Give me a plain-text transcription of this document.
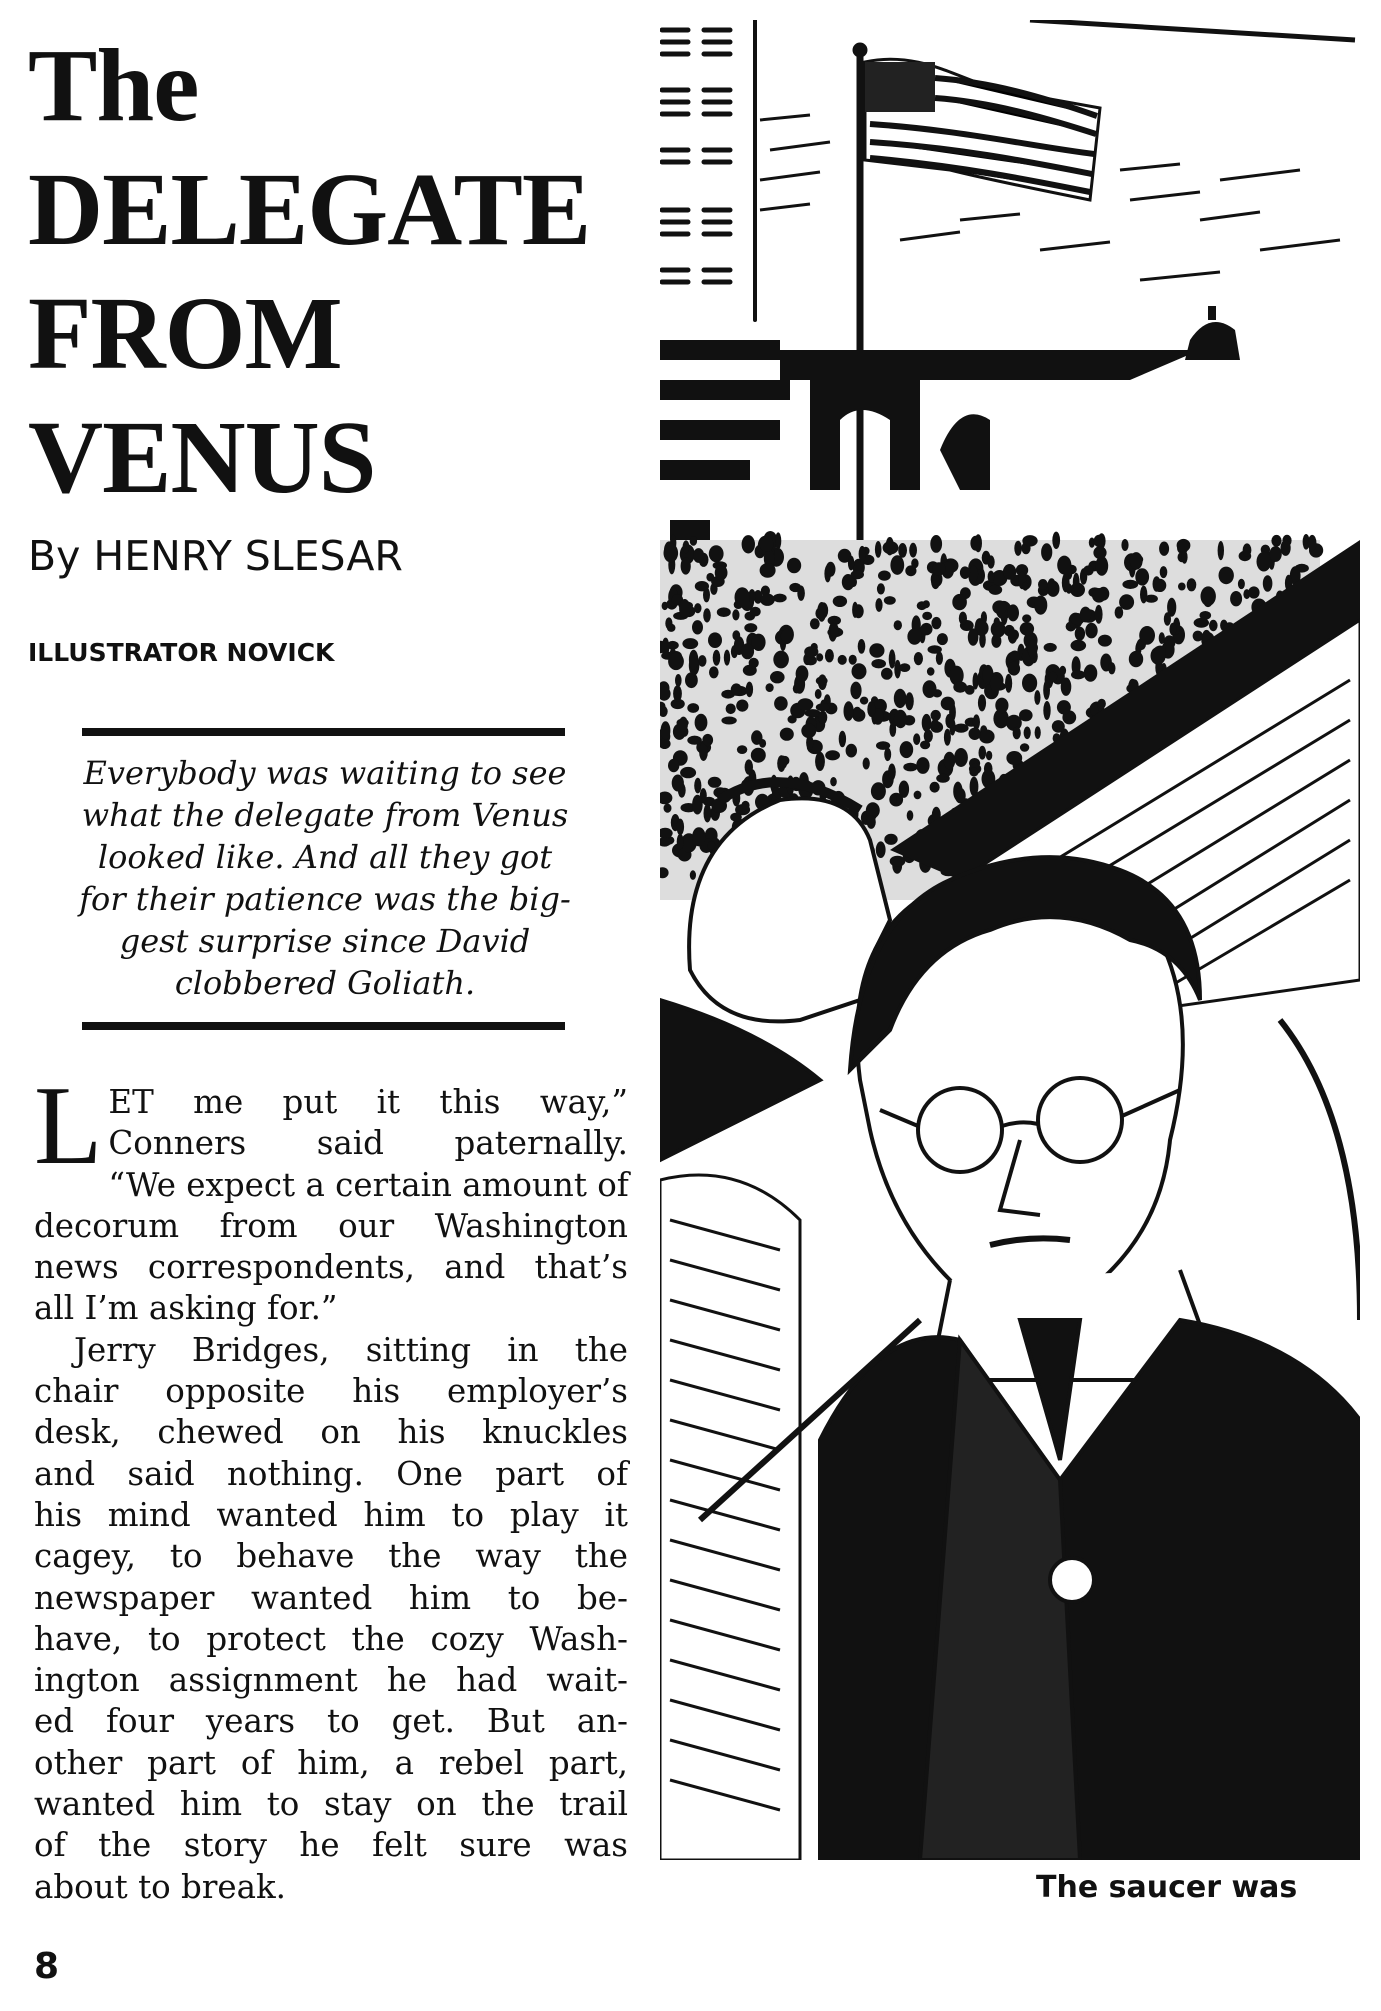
The
DELEGATE
FROM
VENUS
By HENRY SLESAR
ILLUSTRATOR NOVICK
Everybody was waiting to see
what the delegate from Venus
looked like. And all they got
for their patience was the big-
gest surprise since David
clobbered Goliath.
L ET me put it this way,”
Conners said paternally.
“We expect a certain amount of
decorum from our Washington
news correspondents, and that’s
all I’m asking for.”
Jerry Bridges, sitting in the
chair opposite his employer’s
desk, chewed on his knuckles
and said nothing. One part of
his mind wanted him to play it
cagey, to behave the way the
newspaper wanted him to be-
have, to protect the cozy Wash-
ington assignment he had wait-
ed four years to get. But an-
other part of him, a rebel part,
wanted him to stay on the trail
of the story he felt sure was
about to break.	The saucer was
8
